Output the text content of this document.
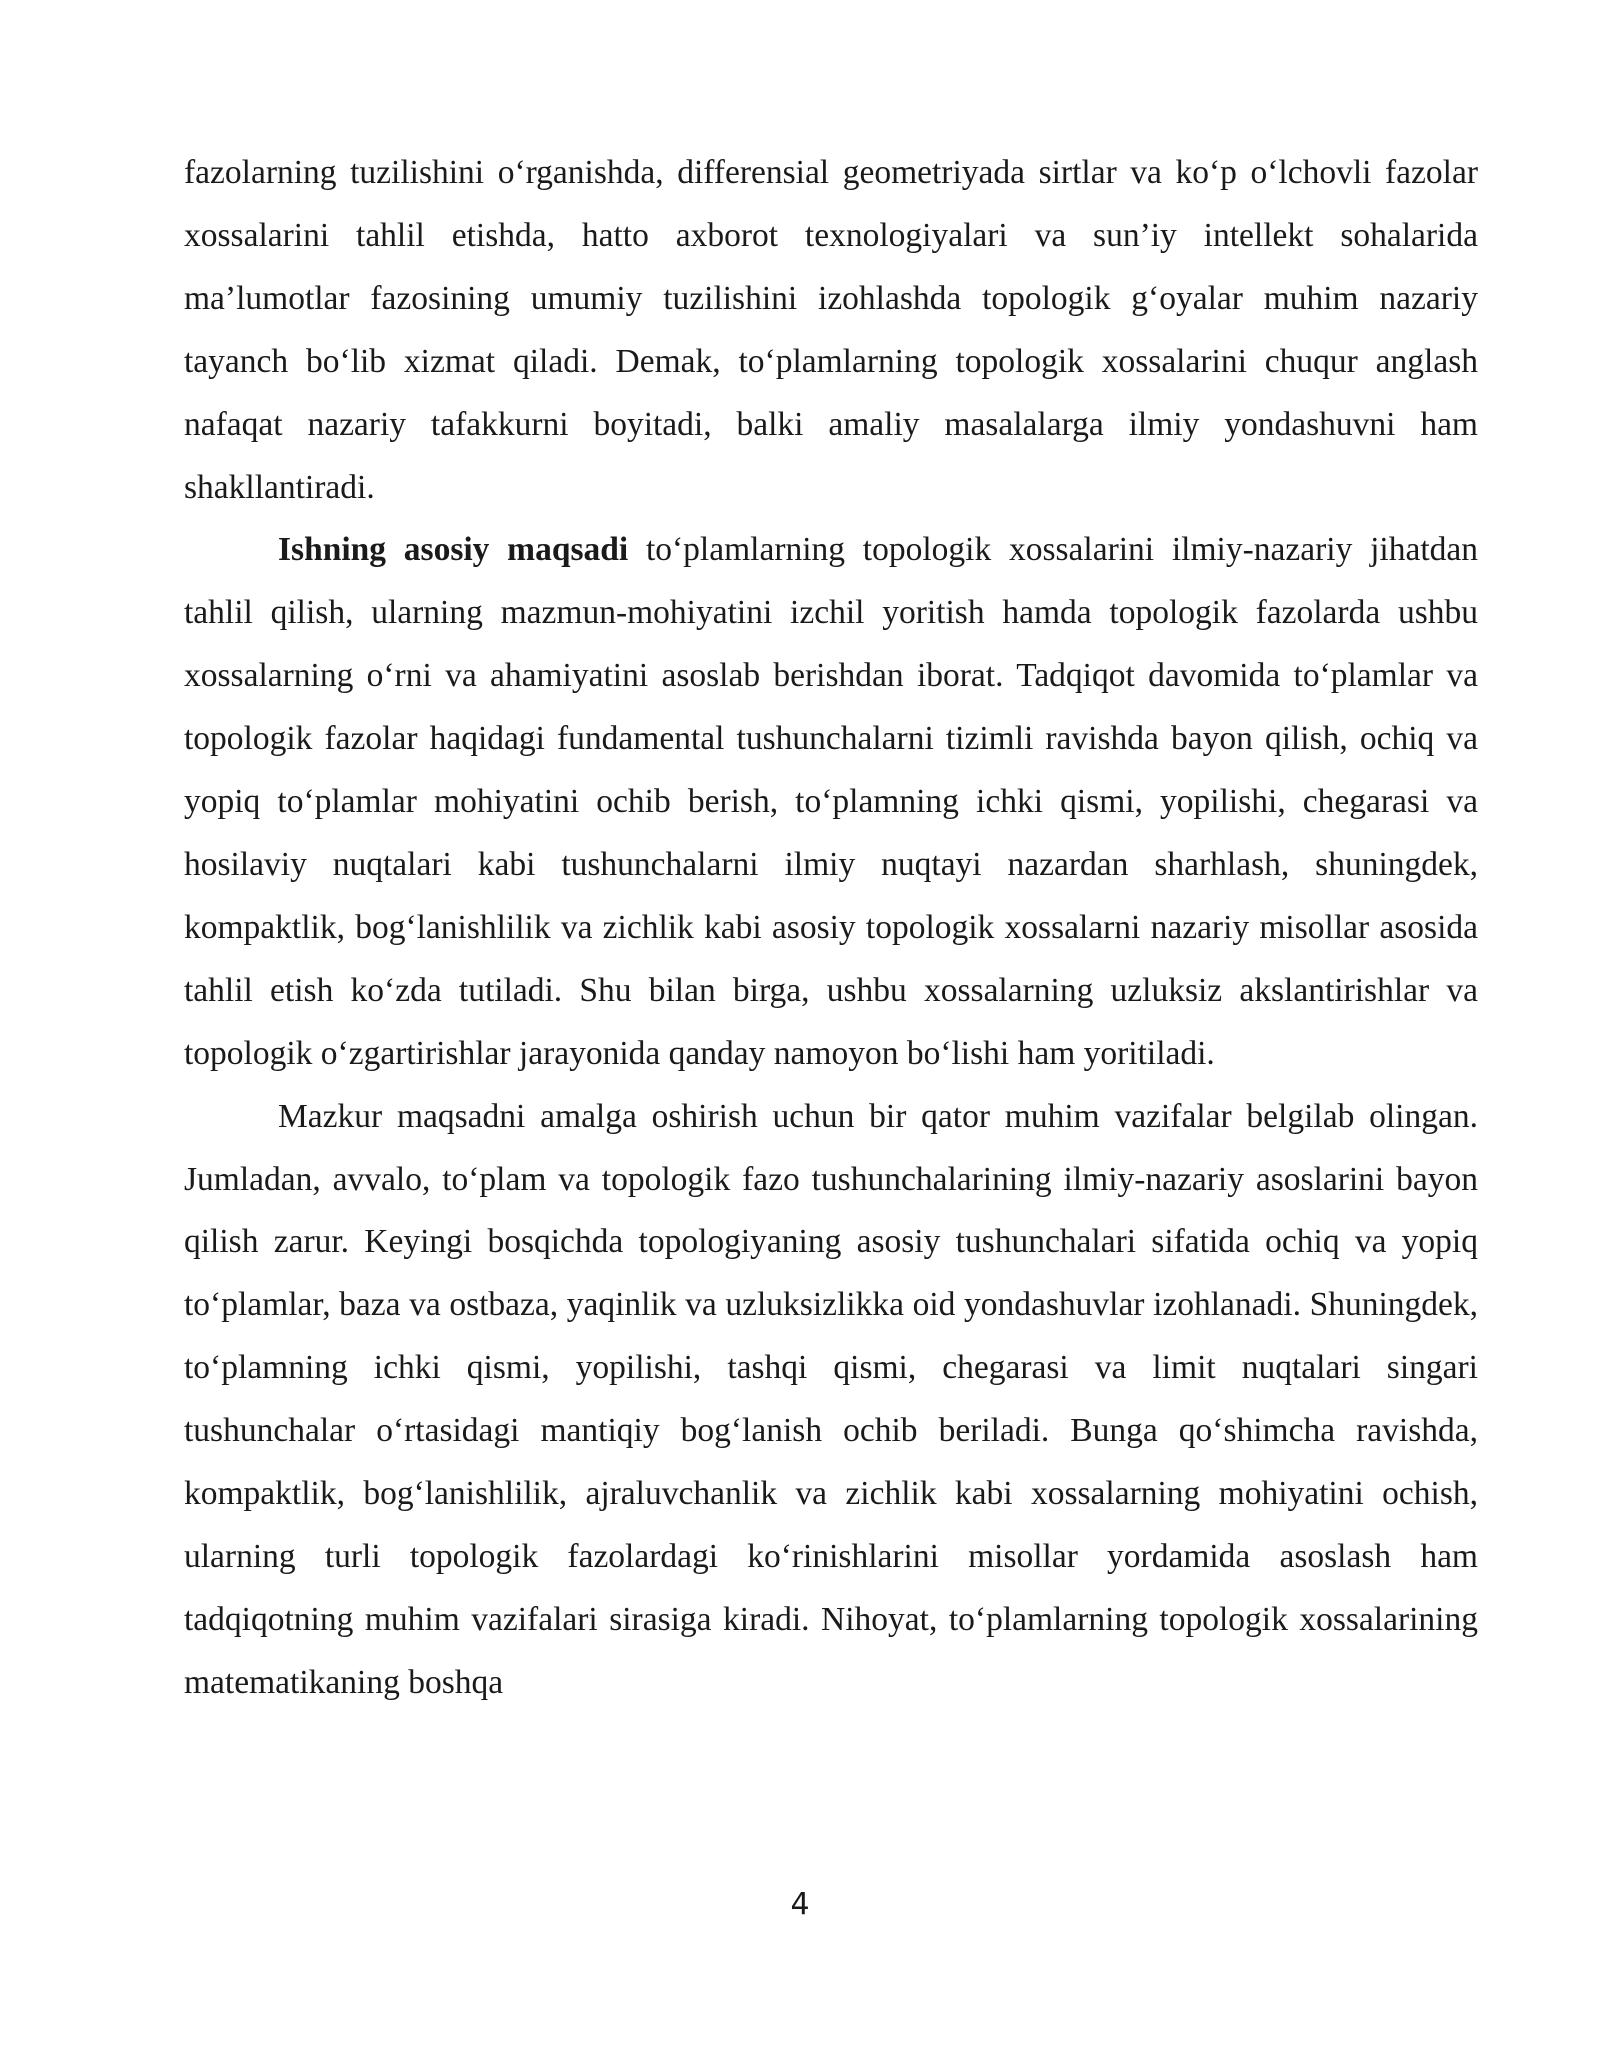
fazolarning tuzilishini o‘rganishda, differensial geometriyada sirtlar va ko‘p o‘lchovli fazolar xossalarini tahlil etishda, hatto axborot texnologiyalari va sun’iy intellekt sohalarida ma’lumotlar fazosining umumiy tuzilishini izohlashda topologik g‘oyalar muhim nazariy tayanch bo‘lib xizmat qiladi. Demak, to‘plamlarning topologik xossalarini chuqur anglash nafaqat nazariy tafakkurni boyitadi, balki amaliy masalalarga ilmiy yondashuvni ham shakllantiradi.

Ishning asosiy maqsadi to‘plamlarning topologik xossalarini ilmiy-nazariy jihatdan tahlil qilish, ularning mazmun-mohiyatini izchil yoritish hamda topologik fazolarda ushbu xossalarning o‘rni va ahamiyatini asoslab berishdan iborat. Tadqiqot davomida to‘plamlar va topologik fazolar haqidagi fundamental tushunchalarni tizimli ravishda bayon qilish, ochiq va yopiq to‘plamlar mohiyatini ochib berish, to‘plamning ichki qismi, yopilishi, chegarasi va hosilaviy nuqtalari kabi tushunchalarni ilmiy nuqtayi nazardan sharhlash, shuningdek, kompaktlik, bog‘lanishlilik va zichlik kabi asosiy topologik xossalarni nazariy misollar asosida tahlil etish ko‘zda tutiladi. Shu bilan birga, ushbu xossalarning uzluksiz akslantirishlar va topologik o‘zgartirishlar jarayonida qanday namoyon bo‘lishi ham yoritiladi.

Mazkur maqsadni amalga oshirish uchun bir qator muhim vazifalar belgilab olingan. Jumladan, avvalo, to‘plam va topologik fazo tushunchalarining ilmiy-nazariy asoslarini bayon qilish zarur. Keyingi bosqichda topologiyaning asosiy tushunchalari sifatida ochiq va yopiq to‘plamlar, baza va ostbaza, yaqinlik va uzluksizlikka oid yondashuvlar izohlanadi. Shuningdek, to‘plamning ichki qismi, yopilishi, tashqi qismi, chegarasi va limit nuqtalari singari tushunchalar o‘rtasidagi mantiqiy bog‘lanish ochib beriladi. Bunga qo‘shimcha ravishda, kompaktlik, bog‘lanishlilik, ajraluvchanlik va zichlik kabi xossalarning mohiyatini ochish, ularning turli topologik fazolardagi ko‘rinishlarini misollar yordamida asoslash ham tadqiqotning muhim vazifalari sirasiga kiradi. Nihoyat, to‘plamlarning topologik xossalarining matematikaning boshqa

4
